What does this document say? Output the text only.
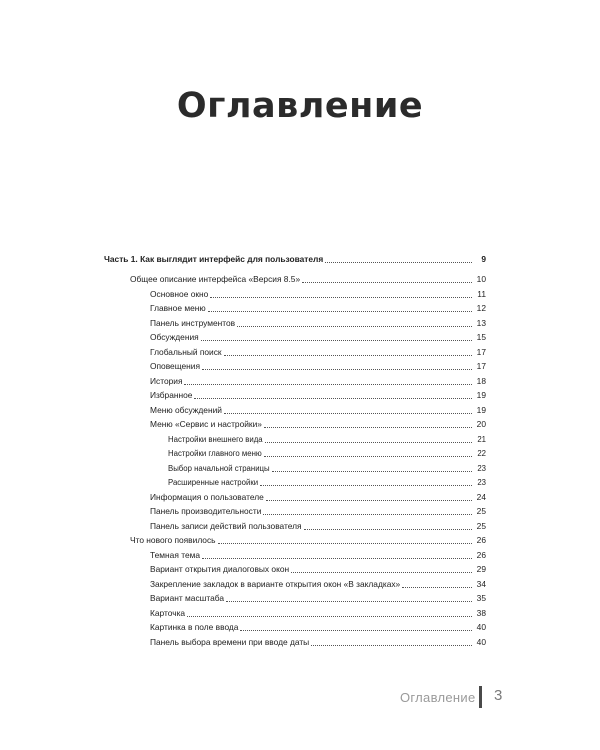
Оглавление
Часть 1. Как выглядит интерфейс для пользователя	9
Общее описание интерфейса «Версия 8.5»	10
Основное окно	11
Главное меню	12
Панель инструментов	13
Обсуждения	15
Глобальный поиск	17
Оповещения	17
История	18
Избранное	19
Меню обсуждений	19
Меню «Сервис и настройки»	20
Настройки внешнего вида	21
Настройки главного меню	22
Выбор начальной страницы	23
Расширенные настройки	23
Информация о пользователе	24
Панель производительности	25
Панель записи действий пользователя	25
Что нового появилось	26
Темная тема	26
Вариант открытия диалоговых окон	29
Закрепление закладок в варианте открытия окон «В закладках»	34
Вариант масштаба	35
Карточка	38
Картинка в поле ввода	40
Панель выбора времени при вводе даты	40
Оглавление 3
